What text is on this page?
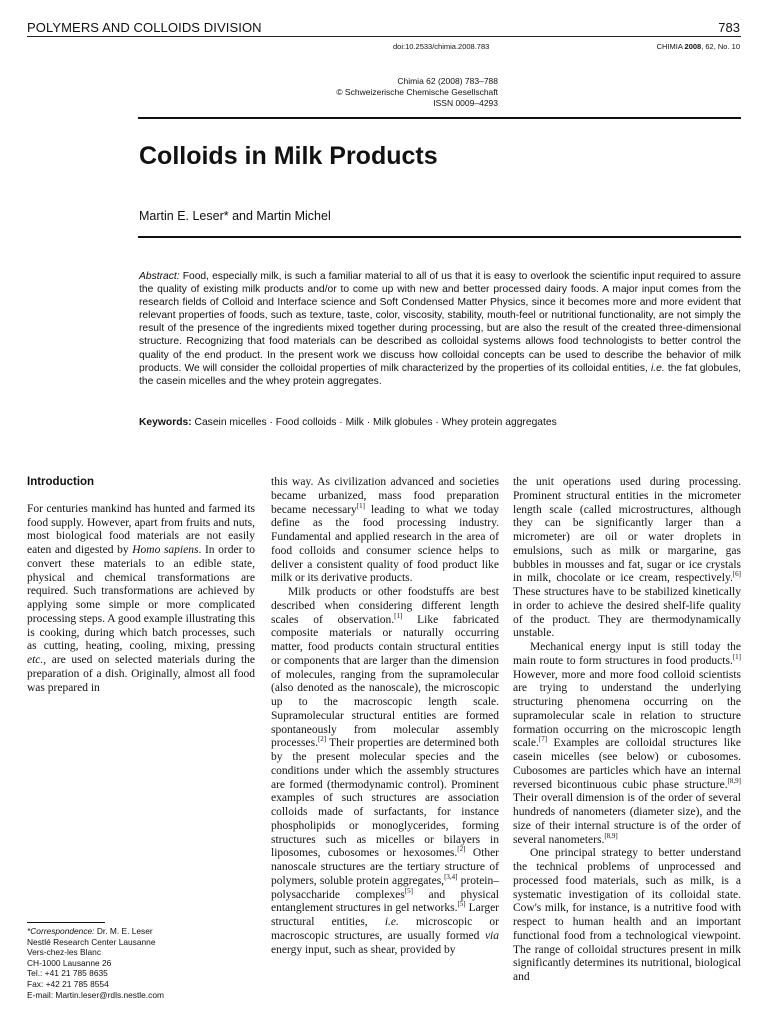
POLYMERS AND COLLOIDS DIVISION	783
doi:10.2533/chimia.2008.783	CHIMIA 2008, 62, No. 10
Chimia 62 (2008) 783–788
© Schweizerische Chemische Gesellschaft
ISSN 0009–4293
Colloids in Milk Products
Martin E. Leser* and Martin Michel
Abstract: Food, especially milk, is such a familiar material to all of us that it is easy to overlook the scientific input required to assure the quality of existing milk products and/or to come up with new and better processed dairy foods. A major input comes from the research fields of Colloid and Interface science and Soft Condensed Matter Physics, since it becomes more and more evident that relevant properties of foods, such as texture, taste, color, viscosity, stability, mouth-feel or nutritional functionality, are not simply the result of the presence of the ingredients mixed together during processing, but are also the result of the created three-dimensional structure. Recognizing that food materials can be described as colloidal systems allows food technologists to better control the quality of the end product. In the present work we discuss how colloidal concepts can be used to describe the behavior of milk products. We will consider the colloidal properties of milk characterized by the properties of its colloidal entities, i.e. the fat globules, the casein micelles and the whey protein aggregates.
Keywords: Casein micelles · Food colloids · Milk · Milk globules · Whey protein aggregates

Introduction

For centuries mankind has hunted and farmed its food supply. However, apart from fruits and nuts, most biological food materials are not easily eaten and digested by Homo sapiens. In order to convert these materials to an edible state, physical and chemical transformations are required. Such transformations are achieved by applying some simple or more complicated processing steps. A good example illustrating this is cooking, during which batch processes, such as cutting, heating, cooling, mixing, pressing etc., are used on selected materials during the preparation of a dish. Originally, almost all food was prepared in

this way. As civilization advanced and societies became urbanized, mass food preparation became necessary[1] leading to what we today define as the food processing industry. Fundamental and applied research in the area of food colloids and consumer science helps to deliver a consistent quality of food product like milk or its derivative products.

Milk products or other foodstuffs are best described when considering different length scales of observation.[1] Like fabricated composite materials or naturally occurring matter, food products contain structural entities or components that are larger than the dimension of molecules, ranging from the supramolecular (also denoted as the nanoscale), the microscopic up to the macroscopic length scale. Supramolecular structural entities are formed spontaneously from molecular assembly processes.[2] Their properties are determined both by the present molecular species and the conditions under which the assembly structures are formed (thermodynamic control). Prominent examples of such structures are association colloids made of surfactants, for instance phospholipids or monoglycerides, forming structures such as micelles or bilayers in liposomes, cubosomes or hexosomes.[2] Other nanoscale structures are the tertiary structure of polymers, soluble protein aggregates,[3,4] protein–polysaccharide complexes[5] and physical entanglement structures in gel networks.[5] Larger structural entities, i.e. microscopic or macroscopic structures, are usually formed via energy input, such as shear, provided by

the unit operations used during processing. Prominent structural entities in the micrometer length scale (called microstructures, although they can be significantly larger than a micrometer) are oil or water droplets in emulsions, such as milk or margarine, gas bubbles in mousses and fat, sugar or ice crystals in milk, chocolate or ice cream, respectively.[6] These structures have to be stabilized kinetically in order to achieve the desired shelf-life quality of the product. They are thermodynamically unstable.

Mechanical energy input is still today the main route to form structures in food products.[1] However, more and more food colloid scientists are trying to understand the underlying structuring phenomena occurring on the supramolecular scale in relation to structure formation occurring on the microscopic length scale.[7] Examples are colloidal structures like casein micelles (see below) or cubosomes. Cubosomes are particles which have an internal reversed bicontinuous cubic phase structure.[8,9] Their overall dimension is of the order of several hundreds of nanometers (diameter size), and the size of their internal structure is of the order of several nanometers.[8,9]

One principal strategy to better understand the technical problems of unprocessed and processed food materials, such as milk, is a systematic investigation of its colloidal state. Cow's milk, for instance, is a nutritive food with respect to human health and an important functional food from a technological viewpoint. The range of colloidal structures present in milk significantly determines its nutritional, biological and

*Correspondence: Dr. M. E. Leser
Nestlé Research Center Lausanne
Vers-chez-les Blanc
CH-1000 Lausanne 26
Tel.: +41 21 785 8635
Fax: +42 21 785 8554
E-mail: Martin.leser@rdls.nestle.com
